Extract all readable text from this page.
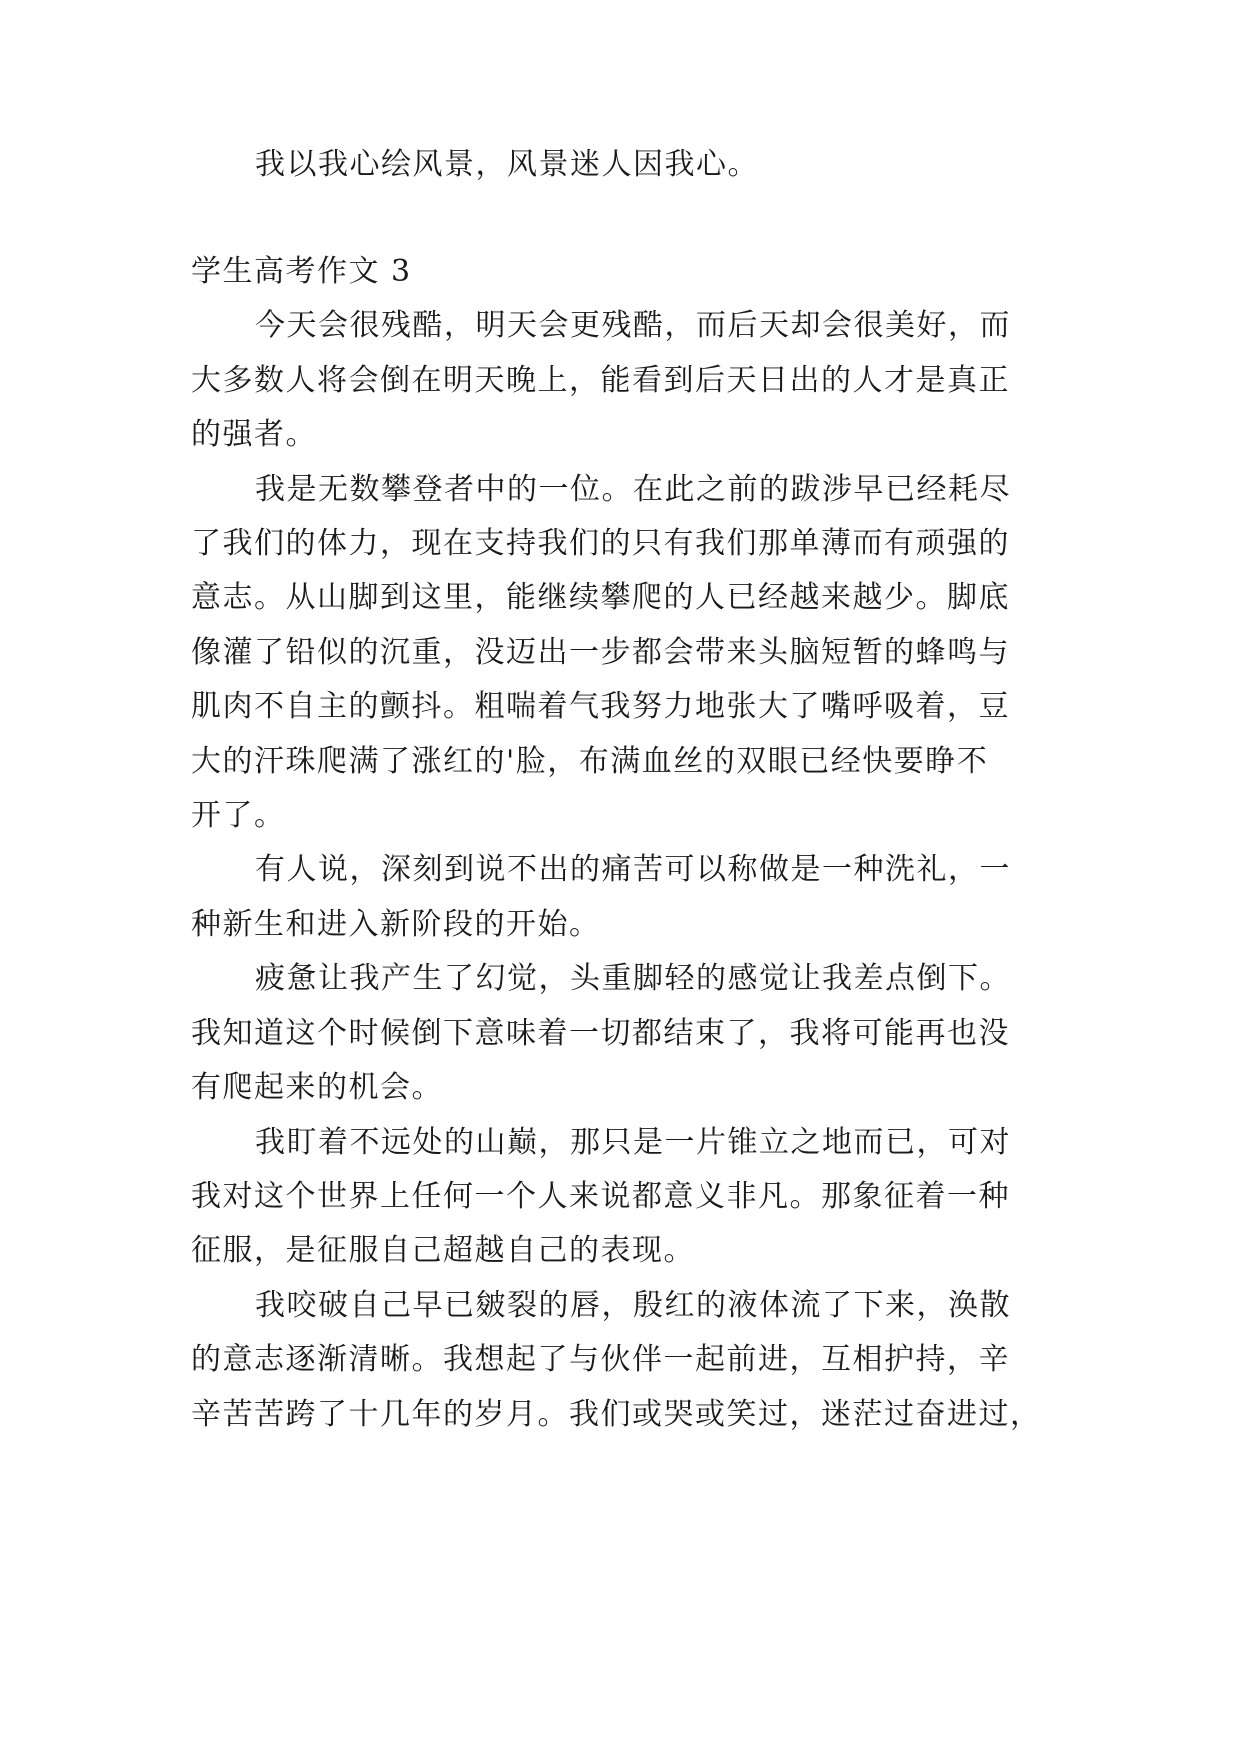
我以我心绘风景，风景迷人因我心。
学生高考作文 3
今天会很残酷，明天会更残酷，而后天却会很美好，而
大多数人将会倒在明天晚上，能看到后天日出的人才是真正
的强者。
我是无数攀登者中的一位。在此之前的跋涉早已经耗尽
了我们的体力，现在支持我们的只有我们那单薄而有顽强的
意志。从山脚到这里，能继续攀爬的人已经越来越少。脚底
像灌了铅似的沉重，没迈出一步都会带来头脑短暂的蜂鸣与
肌肉不自主的颤抖。粗喘着气我努力地张大了嘴呼吸着，豆
大的汗珠爬满了涨红的'脸，布满血丝的双眼已经快要睁不
开了。
有人说，深刻到说不出的痛苦可以称做是一种洗礼，一
种新生和进入新阶段的开始。
疲惫让我产生了幻觉，头重脚轻的感觉让我差点倒下。
我知道这个时候倒下意味着一切都结束了，我将可能再也没
有爬起来的机会。
我盯着不远处的山巅，那只是一片锥立之地而已，可对
我对这个世界上任何一个人来说都意义非凡。那象征着一种
征服，是征服自己超越自己的表现。
我咬破自己早已皴裂的唇，殷红的液体流了下来，涣散
的意志逐渐清晰。我想起了与伙伴一起前进，互相护持，辛
辛苦苦跨了十几年的岁月。我们或哭或笑过，迷茫过奋进过，
